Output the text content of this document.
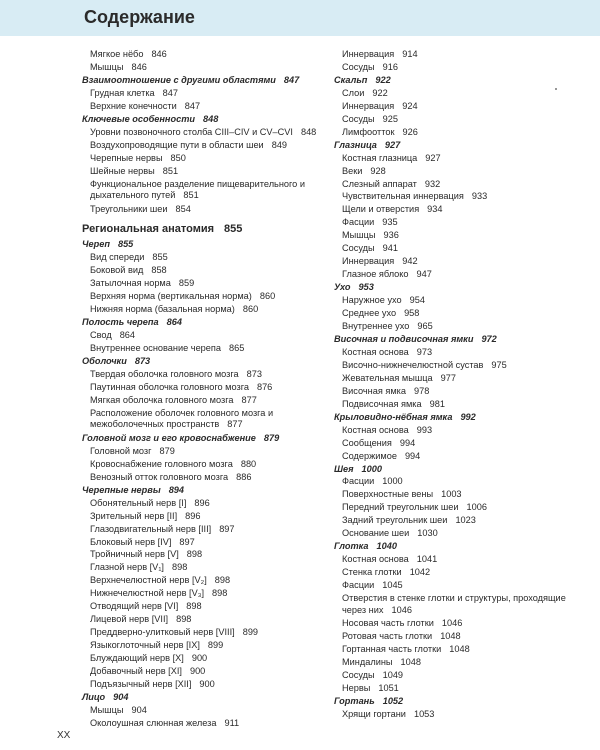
Содержание
Мягкое нёбо 846
Мышцы 846
Взаимоотношение с другими областями 847
Грудная клетка 847
Верхние конечности 847
Ключевые особенности 848
Уровни позвоночного столба CIII–CIV и CV–CVI 848
Воздухопроводящие пути в области шеи 849
Черепные нервы 850
Шейные нервы 851
Функциональное разделение пищеварительного и дыхательного путей 851
Треугольники шеи 854
Региональная анатомия 855
Череп 855
Вид спереди 855
Боковой вид 858
Затылочная норма 859
Верхняя норма (вертикальная норма) 860
Нижняя норма (базальная норма) 860
Полость черепа 864
Свод 864
Внутреннее основание черепа 865
Оболочки 873
Твердая оболочка головного мозга 873
Паутинная оболочка головного мозга 876
Мягкая оболочка головного мозга 877
Расположение оболочек головного мозга и межоболочечных пространств 877
Головной мозг и его кровоснабжение 879
Головной мозг 879
Кровоснабжение головного мозга 880
Венозный отток головного мозга 886
Черепные нервы 894
Обонятельный нерв [I] 896
Зрительный нерв [II] 896
Глазодвигательный нерв [III] 897
Блоковый нерв [IV] 897
Тройничный нерв [V] 898
Глазной нерв [V₁] 898
Верхнечелюстной нерв [V₂] 898
Нижнечелюстной нерв [V₃] 898
Отводящий нерв [VI] 898
Лицевой нерв [VII] 898
Преддверно-улитковый нерв [VIII] 899
Языкоглоточный нерв [IX] 899
Блуждающий нерв [X] 900
Добавочный нерв [XI] 900
Подъязычный нерв [XII] 900
Лицо 904
Мышцы 904
Околоушная слюнная железа 911
Иннервация 914
Сосуды 916
Скальп 922
Слои 922
Иннервация 924
Сосуды 925
Лимфоотток 926
Глазница 927
Костная глазница 927
Веки 928
Слезный аппарат 932
Чувствительная иннервация 933
Щели и отверстия 934
Фасции 935
Мышцы 936
Сосуды 941
Иннервация 942
Глазное яблоко 947
Ухо 953
Наружное ухо 954
Среднее ухо 958
Внутреннее ухо 965
Височная и подвисочная ямки 972
Костная основа 973
Височно-нижнечелюстной сустав 975
Жевательная мышца 977
Височная ямка 978
Подвисочная ямка 981
Крыловидно-нёбная ямка 992
Костная основа 993
Сообщения 994
Содержимое 994
Шея 1000
Фасции 1000
Поверхностные вены 1003
Передний треугольник шеи 1006
Задний треугольник шеи 1023
Основание шеи 1030
Глотка 1040
Костная основа 1041
Стенка глотки 1042
Фасции 1045
Отверстия в стенке глотки и структуры, проходящие через них 1046
Носовая часть глотки 1046
Ротовая часть глотки 1048
Гортанная часть глотки 1048
Миндалины 1048
Сосуды 1049
Нервы 1051
Гортань 1052
Хрящи гортани 1053
XX
